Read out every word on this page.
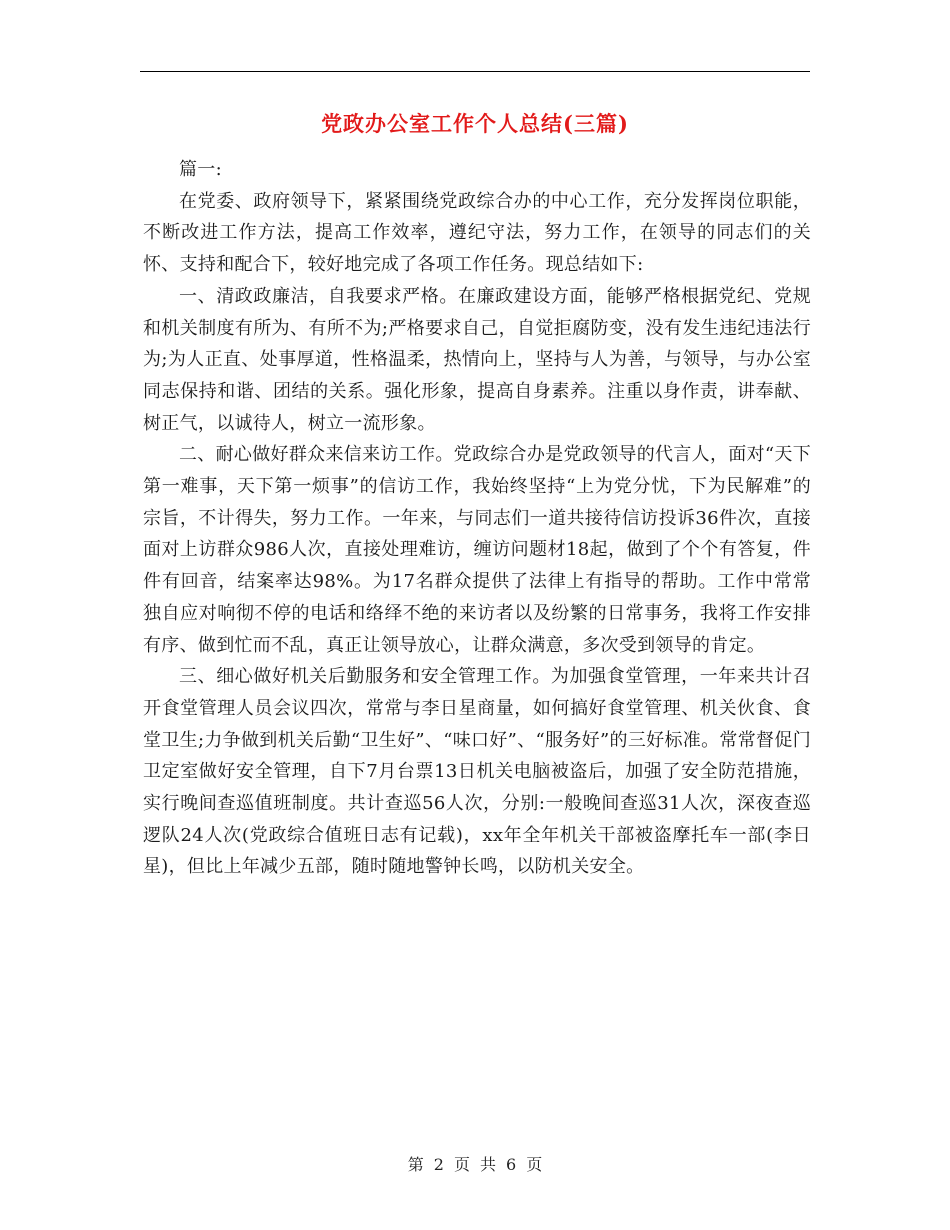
党政办公室工作个人总结(三篇)

篇一:

在党委、政府领导下，紧紧围绕党政综合办的中心工作，充分发挥岗位职能，不断改进工作方法，提高工作效率，遵纪守法，努力工作，在领导的同志们的关怀、支持和配合下，较好地完成了各项工作任务。现总结如下:

一、清政政廉洁，自我要求严格。在廉政建设方面，能够严格根据党纪、党规和机关制度有所为、有所不为;严格要求自己，自觉拒腐防变，没有发生违纪违法行为;为人正直、处事厚道，性格温柔，热情向上，坚持与人为善，与领导，与办公室同志保持和谐、团结的关系。强化形象，提高自身素养。注重以身作责，讲奉献、树正气，以诚待人，树立一流形象。

二、耐心做好群众来信来访工作。党政综合办是党政领导的代言人，面对“天下第一难事，天下第一烦事”的信访工作，我始终坚持“上为党分忧，下为民解难”的宗旨，不计得失，努力工作。一年来，与同志们一道共接待信访投诉36件次，直接面对上访群众986人次，直接处理难访，缠访问题材18起，做到了个个有答复，件件有回音，结案率达98%。为17名群众提供了法律上有指导的帮助。工作中常常独自应对响彻不停的电话和络绎不绝的来访者以及纷繁的日常事务，我将工作安排有序、做到忙而不乱，真正让领导放心，让群众满意，多次受到领导的肯定。

三、细心做好机关后勤服务和安全管理工作。为加强食堂管理，一年来共计召开食堂管理人员会议四次，常常与李日星商量，如何搞好食堂管理、机关伙食、食堂卫生;力争做到机关后勤“卫生好”、“味口好”、“服务好”的三好标准。常常督促门卫定室做好安全管理，自下7月台票13日机关电脑被盗后，加强了安全防范措施，实行晚间查巡值班制度。共计查巡56人次，分别:一般晚间查巡31人次，深夜查巡逻队24人次(党政综合值班日志有记载)，xx年全年机关干部被盗摩托车一部(李日星)，但比上年减少五部，随时随地警钟长鸣，以防机关安全。

第 2 页 共 6 页
